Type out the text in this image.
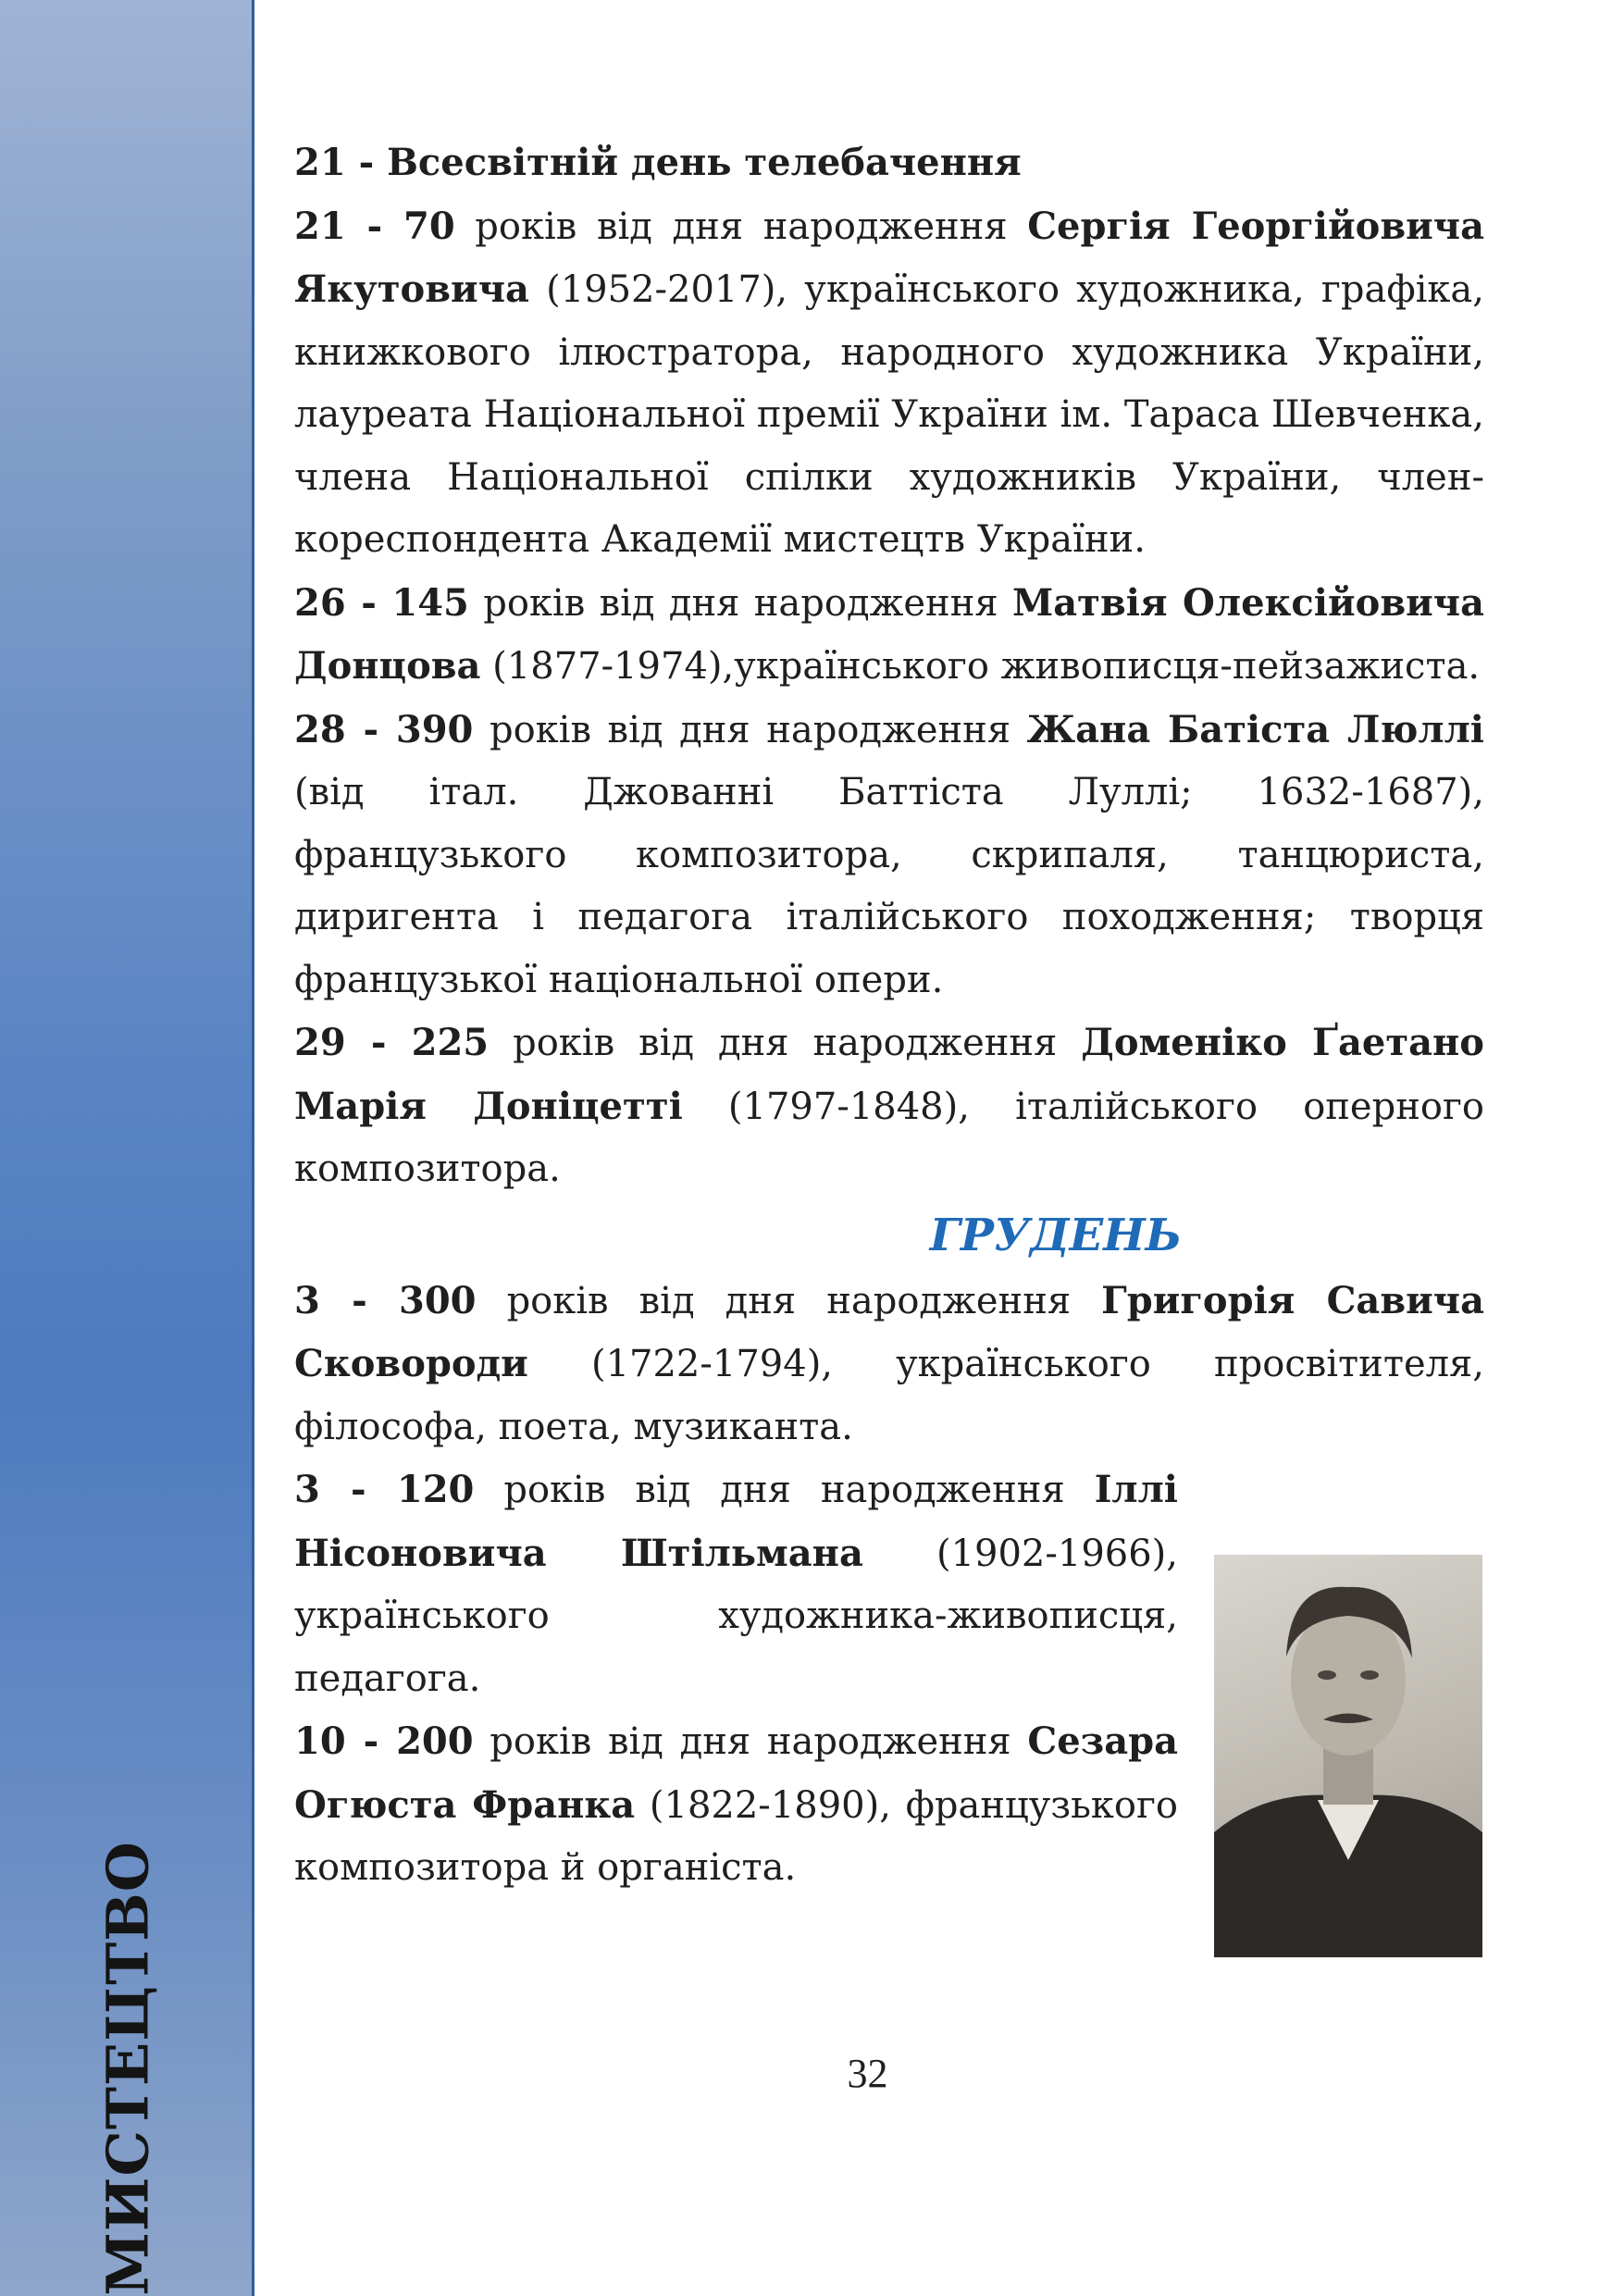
МИСТЕЦТВО

21 - Всесвітній день телебачення

21 - 70 років від дня народження Сергія Георгійовича Якутовича (1952-2017), українського художника, графіка, книжкового ілюстратора, народного художника України, лауреата Національної премії України ім. Тараса Шевченка, члена Національної спілки художників України, член-кореспондента Академії мистецтв України.

26 - 145 років від дня народження Матвія Олексійовича Донцова (1877-1974),українського живописця-пейзажиста.

28 - 390 років від дня народження Жана Батіста Люллі (від італ. Джованні Баттіста Луллі; 1632-1687), французького композитора, скрипаля, танцюриста, диригента і педагога італійського походження; творця французької національної опери.

29 - 225 років від дня народження Доменіко Ґаетано Марія Доніцетті (1797-1848), італійського оперного композитора.

ГРУДЕНЬ

3 - 300 років від дня народження Григорія Савича Сковороди (1722-1794), українського просвітителя, філософа, поета, музиканта.

3 - 120 років від дня народження Іллі Нісоновича Штільмана (1902-1966), українського художника-живописця, педагога.

10 - 200 років від дня народження Сезара Огюста Франка (1822-1890), французького композитора й органіста.

32
